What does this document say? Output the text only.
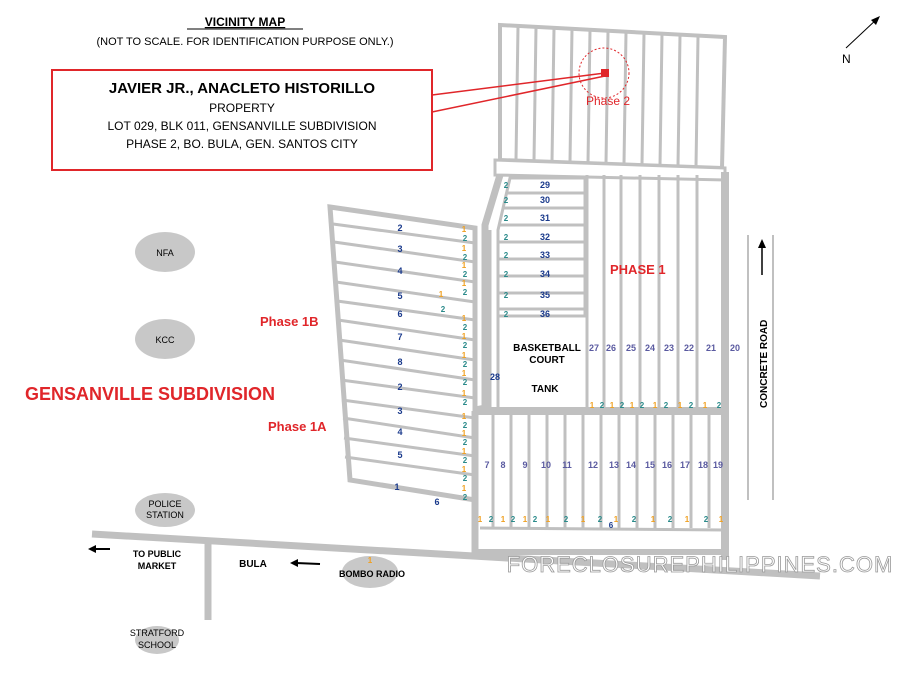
VICINITY MAP
(NOT TO SCALE. FOR IDENTIFICATION PURPOSE ONLY.)
JAVIER JR., ANACLETO HISTORILLO
PROPERTY
LOT 029, BLK 011, GENSANVILLE SUBDIVISION
PHASE 2, BO. BULA, GEN. SANTOS CITY
Phase 2
PHASE 1
Phase 1B
Phase 1A
GENSANVILLE SUBDIVISION
BASKETBALL
COURT
TANK	CONCRETE ROAD
N
NFA
KCC
POLICE
STATION
STRATFORD
SCHOOL
TO PUBLIC
MARKET	BULA
BOMBO RADIO	FORECLOSUREPHILIPPINES.COM
29
30
31
32
33
34
35
36
27 26 25 24 23 22 21 20
28
2
3
4
5
6
7
8
2
3
4
5
1
6
7 8 9 10 11 12 13 14 15 16 17 18 19
6
1
2
1
2
1
2
1
2
1
2
1
2
1
2
1
2
1
2
1
2
1
2
1
2
1
2
1
2
2
2
2
2
2
2
2
2
1 2 1 2 1 2 1 2 1 2 1 2
1 2 1 2 1 2 1 2 1 2 1 2 1 2 1 2 1
1
2
1
